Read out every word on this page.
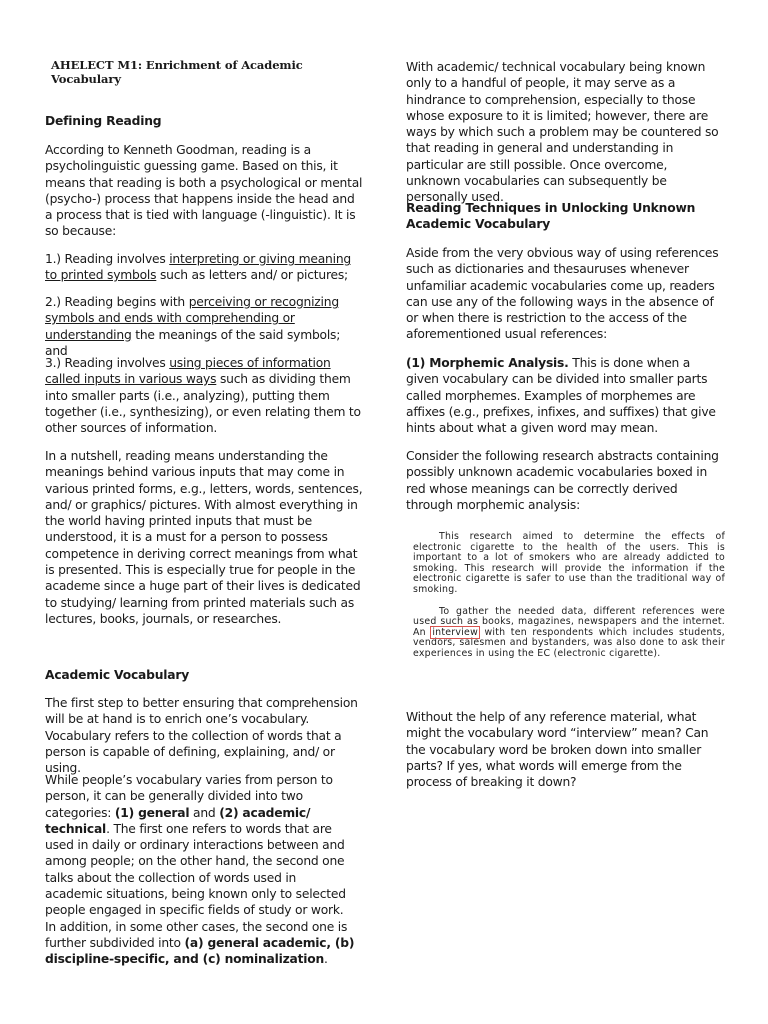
AHELECT M1: Enrichment of Academic Vocabulary
Defining Reading

According to Kenneth Goodman, reading is a psycholinguistic guessing game. Based on this, it means that reading is both a psychological or mental (psycho-) process that happens inside the head and a process that is tied with language (-linguistic). It is so because:

1.) Reading involves interpreting or giving meaning to printed symbols such as letters and/ or pictures;

2.) Reading begins with perceiving or recognizing symbols and ends with comprehending or understanding the meanings of the said symbols; and

3.) Reading involves using pieces of information called inputs in various ways such as dividing them into smaller parts (i.e., analyzing), putting them together (i.e., synthesizing), or even relating them to other sources of information.

In a nutshell, reading means understanding the meanings behind various inputs that may come in various printed forms, e.g., letters, words, sentences, and/ or graphics/ pictures. With almost everything in the world having printed inputs that must be understood, it is a must for a person to possess competence in deriving correct meanings from what is presented. This is especially true for people in the academe since a huge part of their lives is dedicated to studying/ learning from printed materials such as lectures, books, journals, or researches.

Academic Vocabulary

The first step to better ensuring that comprehension will be at hand is to enrich one’s vocabulary. Vocabulary refers to the collection of words that a person is capable of defining, explaining, and/ or using.

While people’s vocabulary varies from person to person, it can be generally divided into two categories: (1) general and (2) academic/ technical. The first one refers to words that are used in daily or ordinary interactions between and among people; on the other hand, the second one talks about the collection of words used in academic situations, being known only to selected people engaged in specific fields of study or work. In addition, in some other cases, the second one is further subdivided into (a) general academic, (b) discipline-specific, and (c) nominalization.

With academic/ technical vocabulary being known only to a handful of people, it may serve as a hindrance to comprehension, especially to those whose exposure to it is limited; however, there are ways by which such a problem may be countered so that reading in general and understanding in particular are still possible. Once overcome, unknown vocabularies can subsequently be personally used.

Reading Techniques in Unlocking Unknown Academic Vocabulary

Aside from the very obvious way of using references such as dictionaries and thesauruses whenever unfamiliar academic vocabularies come up, readers can use any of the following ways in the absence of or when there is restriction to the access of the aforementioned usual references:

(1) Morphemic Analysis. This is done when a given vocabulary can be divided into smaller parts called morphemes. Examples of morphemes are affixes (e.g., prefixes, infixes, and suffixes) that give hints about what a given word may mean.

Consider the following research abstracts containing possibly unknown academic vocabularies boxed in red whose meanings can be correctly derived through morphemic analysis:

This research aimed to determine the effects of electronic cigarette to the health of the users. This is important to a lot of smokers who are already addicted to smoking. This research will provide the information if the electronic cigarette is safer to use than the traditional way of smoking.

To gather the needed data, different references were used such as books, magazines, newspapers and the internet. An interview with ten respondents which includes students, vendors, salesmen and bystanders, was also done to ask their experiences in using the EC (electronic cigarette).

Without the help of any reference material, what might the vocabulary word “interview” mean? Can the vocabulary word be broken down into smaller parts? If yes, what words will emerge from the process of breaking it down?
